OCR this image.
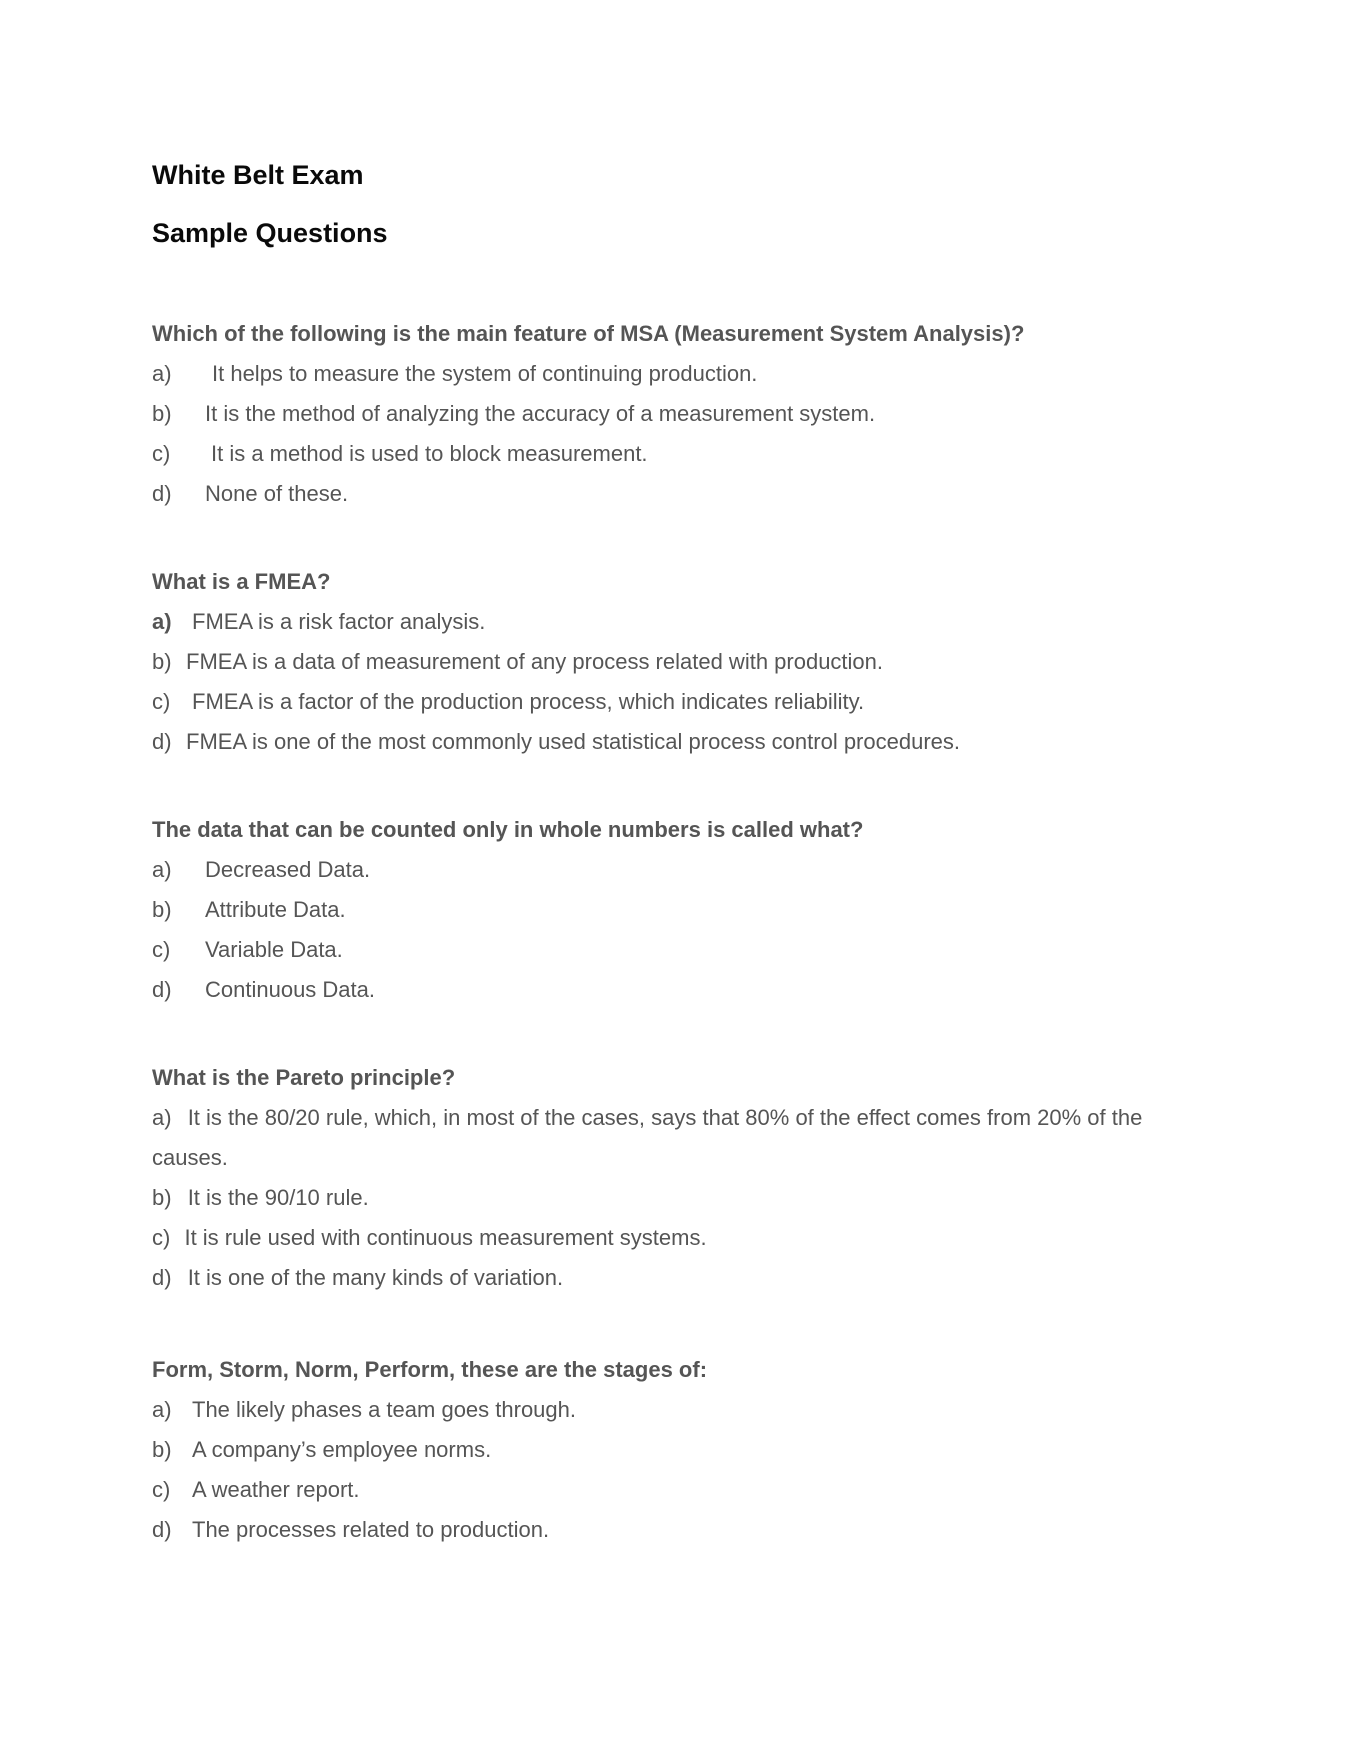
White Belt Exam
Sample Questions
Which of the following is the main feature of MSA (Measurement System Analysis)?
a)	It helps to measure the system of continuing production.
b)	It is the method of analyzing the accuracy of a measurement system.
c)	It is a method is used to block measurement.
d)	None of these.
What is a FMEA?
a) FMEA is a risk factor analysis.
b) FMEA is a data of measurement of any process related with production.
c) FMEA is a factor of the production process, which indicates reliability.
d) FMEA is one of the most commonly used statistical process control procedures.
The data that can be counted only in whole numbers is called what?
a)	Decreased Data.
b)	Attribute Data.
c)	Variable Data.
d)	Continuous Data.
What is the Pareto principle?
a) It is the 80/20 rule, which, in most of the cases, says that 80% of the effect comes from 20% of the causes.
b) It is the 90/10 rule.
c) It is rule used with continuous measurement systems.
d) It is one of the many kinds of variation.
Form, Storm, Norm, Perform, these are the stages of:
a) The likely phases a team goes through.
b) A company’s employee norms.
c) A weather report.
d) The processes related to production.
